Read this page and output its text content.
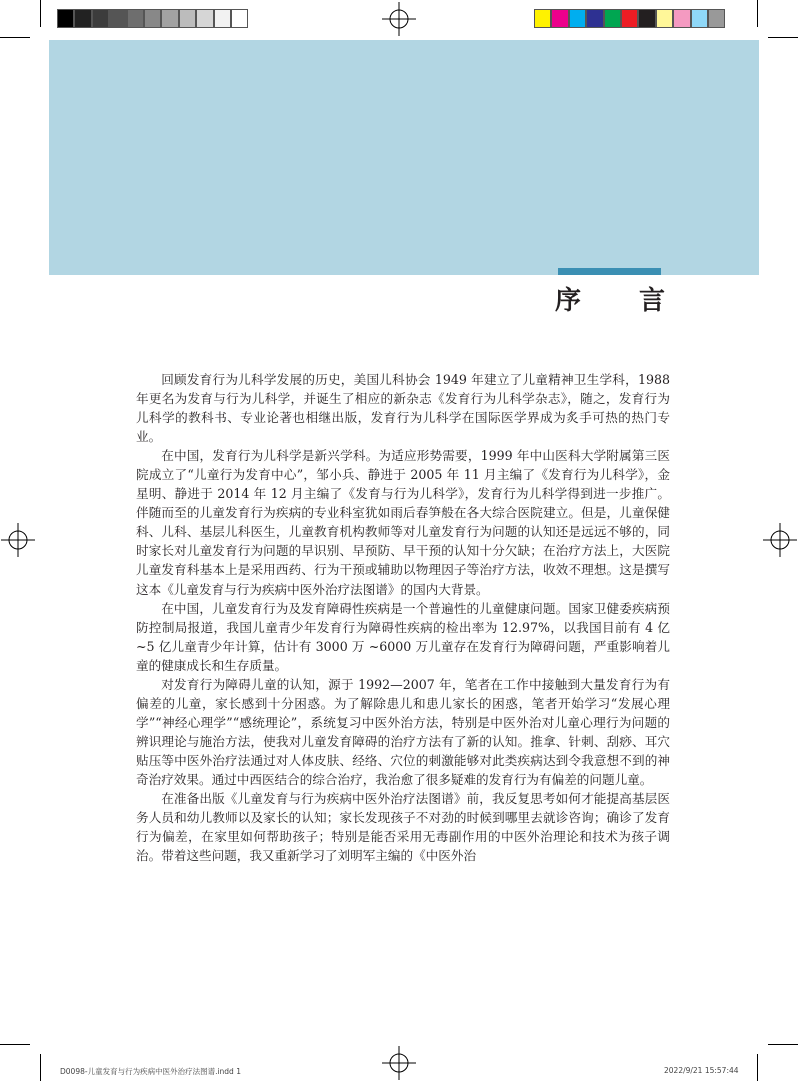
序 言

回顾发育行为儿科学发展的历史，美国儿科协会 1949 年建立了儿童精神卫生学科，1988 年更名为发育与行为儿科学，并诞生了相应的新杂志《发育行为儿科学杂志》，随之，发育行为儿科学的教科书、专业论著也相继出版，发育行为儿科学在国际医学界成为炙手可热的热门专业。

在中国，发育行为儿科学是新兴学科。为适应形势需要，1999 年中山医科大学附属第三医院成立了“儿童行为发育中心”，邹小兵、静进于 2005 年 11 月主编了《发育行为儿科学》，金星明、静进于 2014 年 12 月主编了《发育与行为儿科学》，发育行为儿科学得到进一步推广。伴随而至的儿童发育行为疾病的专业科室犹如雨后春笋般在各大综合医院建立。但是，儿童保健科、儿科、基层儿科医生，儿童教育机构教师等对儿童发育行为问题的认知还是远远不够的，同时家长对儿童发育行为问题的早识别、早预防、早干预的认知十分欠缺；在治疗方法上，大医院儿童发育科基本上是采用西药、行为干预或辅助以物理因子等治疗方法，收效不理想。这是撰写这本《儿童发育与行为疾病中医外治疗法图谱》的国内大背景。

在中国，儿童发育行为及发育障碍性疾病是一个普遍性的儿童健康问题。国家卫健委疾病预防控制局报道，我国儿童青少年发育行为障碍性疾病的检出率为 12.97%，以我国目前有 4 亿 ~5 亿儿童青少年计算，估计有 3000 万 ~6000 万儿童存在发育行为障碍问题，严重影响着儿童的健康成长和生存质量。

对发育行为障碍儿童的认知，源于 1992—2007 年，笔者在工作中接触到大量发育行为有偏差的儿童，家长感到十分困惑。为了解除患儿和患儿家长的困惑，笔者开始学习“发展心理学”“神经心理学”“感统理论”，系统复习中医外治方法，特别是中医外治对儿童心理行为问题的辨识理论与施治方法，使我对儿童发育障碍的治疗方法有了新的认知。推拿、针刺、刮痧、耳穴贴压等中医外治疗法通过对人体皮肤、经络、穴位的刺激能够对此类疾病达到令我意想不到的神奇治疗效果。通过中西医结合的综合治疗，我治愈了很多疑难的发育行为有偏差的问题儿童。

在准备出版《儿童发育与行为疾病中医外治疗法图谱》前，我反复思考如何才能提高基层医务人员和幼儿教师以及家长的认知；家长发现孩子不对劲的时候到哪里去就诊咨询；确诊了发育行为偏差，在家里如何帮助孩子；特别是能否采用无毒副作用的中医外治理论和技术为孩子调治。带着这些问题，我又重新学习了刘明军主编的《中医外治

D0098-儿童发育与行为疾病中医外治疗法图谱.indd 1	2022/9/21 15:57:44
